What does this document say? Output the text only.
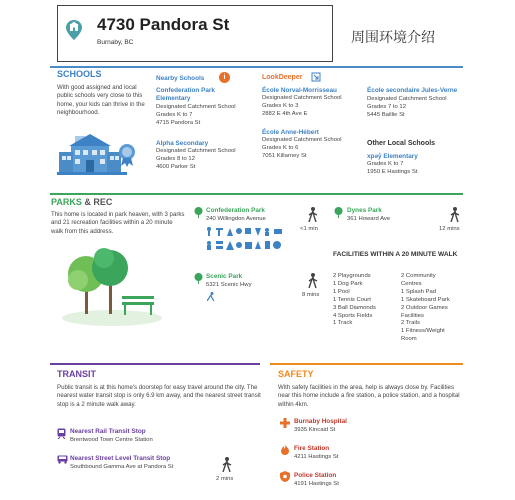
4730 Pandora St
Burnaby, BC	周围环境介绍
SCHOOLS
With good assigned and local public schools very close to this home, your kids can thrive in the neighbourhood.
Nearby Schools	i	LookDeeper
Confederation Park Elementary
Designated Catchment School
Grades K to 7
4715 Pandora St
Alpha Secondary
Designated Catchment School
Grades 8 to 12
4600 Parker St
École Norval-Morrisseau
Designated Catchment School
Grades K to 3
2882 E 4th Ave E
École Anne-Hébert
Designated Catchment School
Grades K to 6
7051 Killarney St
École secondaire Jules-Verne
Designated Catchment School
Grades 7 to 12
5445 Baillie St
Other Local Schools
xpəy̓ Elementary
Grades K to 7
1950 E Hastings St
PARKS & REC
This home is located in park heaven, with 3 parks and 21 recreation facilities within a 20 minute walk from this address.
Confederation Park
240 Willingdon Avenue
<1 min
Dynes Park
361 Howard Ave
12 mins
FACILITIES WITHIN A 20 MINUTE WALK
2 Playgrounds
1 Dog Park
1 Pool
1 Tennis Court
3 Ball Diamonds
4 Sports Fields
1 Track
2 Community Centres
1 Splash Pad
1 Skateboard Park
2 Outdoor Games Facilities
2 Trails
1 Fitness/Weight Room
Scenic Park
5321 Scenic Hwy
8 mins
TRANSIT
Public transit is at this home's doorstep for easy travel around the city. The nearest water transit stop is only 6.9 km away, and the nearest street transit stop is a 2 minute walk away.
Nearest Rail Transit Stop
Brentwood Town Centre Station
Nearest Street Level Transit Stop
Southbound Gamma Ave at Pandora St
2 mins
SAFETY
With safety facilities in the area, help is always close by. Facilities near this home include a fire station, a police station, and a hospital within 4km.
Burnaby Hospital
3935 Kincaid St
Fire Station
4211 Hastings St
Police Station
4191 Hastings St
